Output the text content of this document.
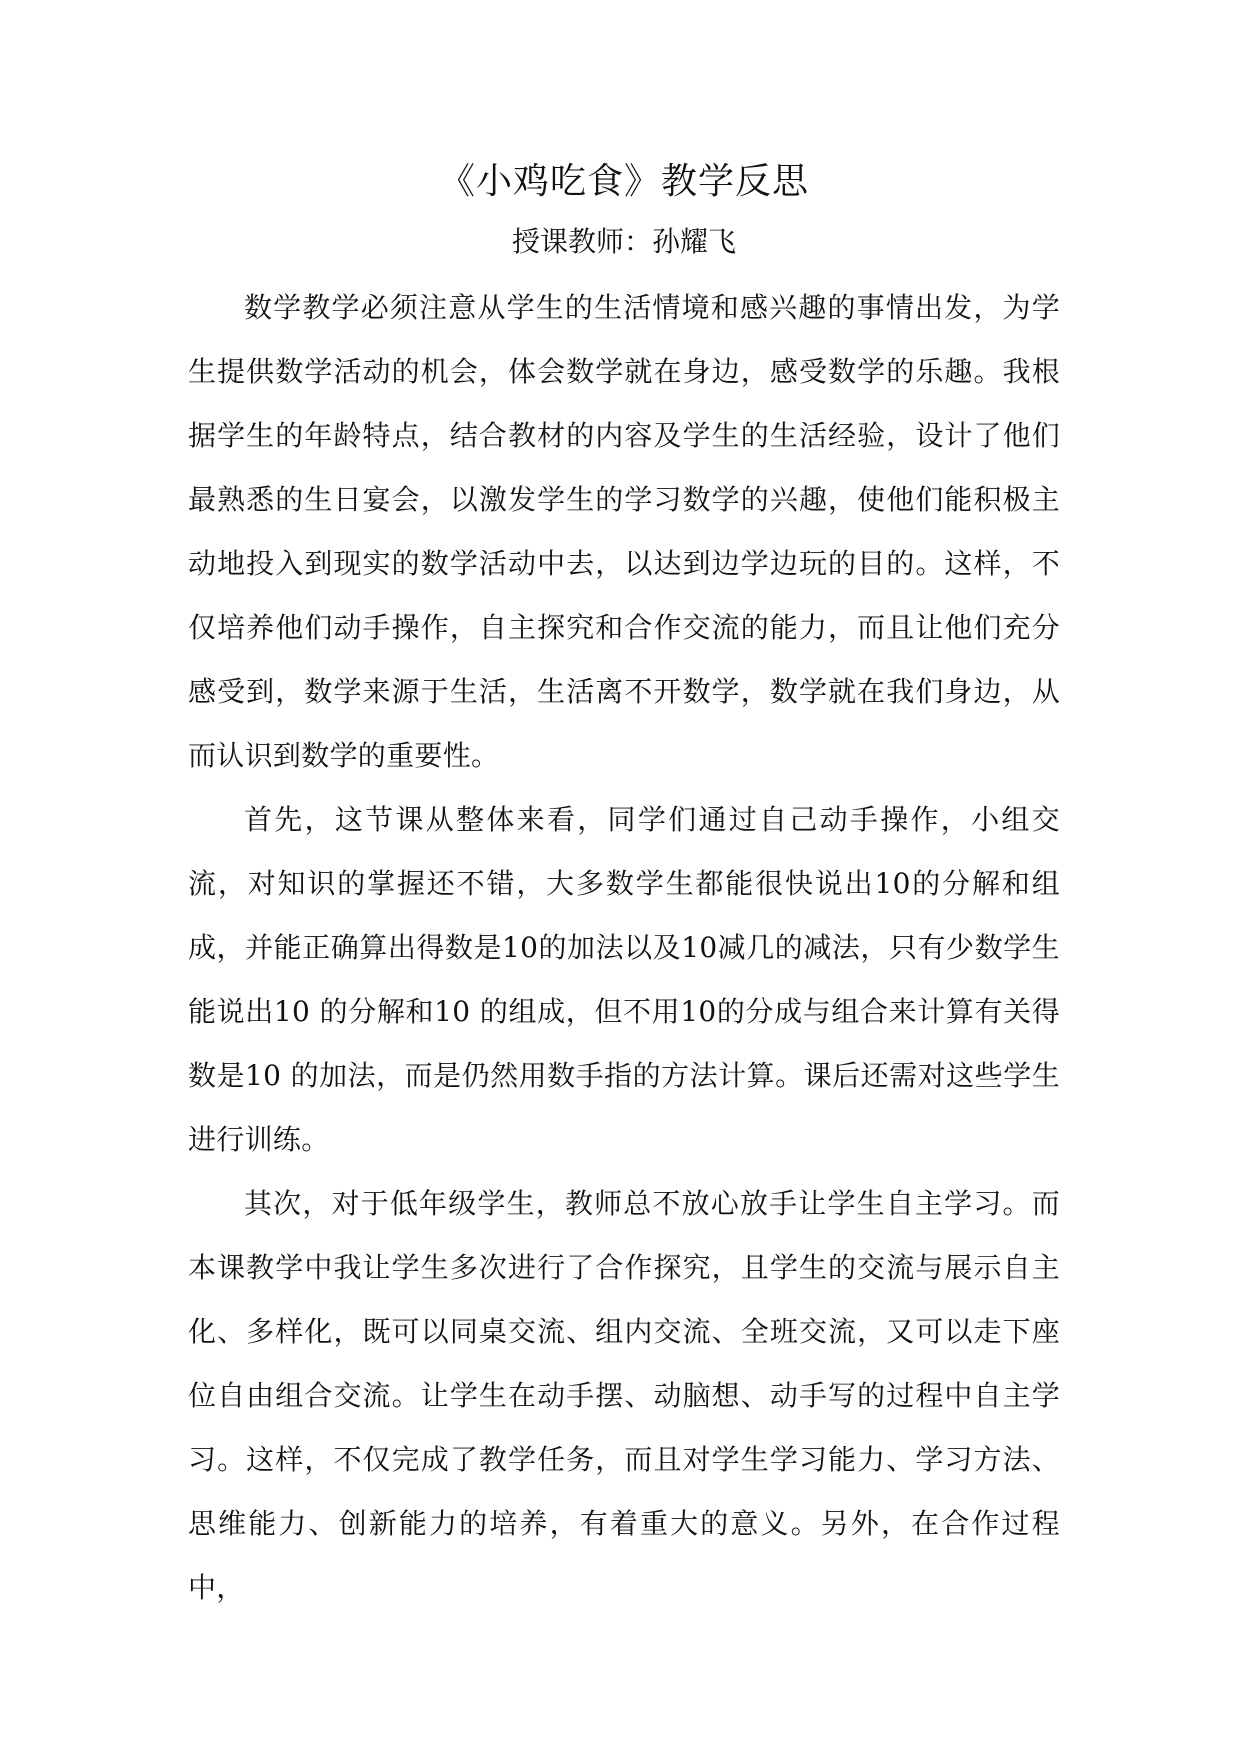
《小鸡吃食》教学反思
授课教师：孙耀飞

数学教学必须注意从学生的生活情境和感兴趣的事情出发，为学生提供数学活动的机会，体会数学就在身边，感受数学的乐趣。我根据学生的年龄特点，结合教材的内容及学生的生活经验，设计了他们最熟悉的生日宴会，以激发学生的学习数学的兴趣，使他们能积极主动地投入到现实的数学活动中去，以达到边学边玩的目的。这样，不仅培养他们动手操作，自主探究和合作交流的能力，而且让他们充分感受到，数学来源于生活，生活离不开数学，数学就在我们身边，从而认识到数学的重要性。

首先，这节课从整体来看，同学们通过自己动手操作，小组交流，对知识的掌握还不错，大多数学生都能很快说出10的分解和组成，并能正确算出得数是10的加法以及10减几的减法，只有少数学生能说出10 的分解和10 的组成，但不用10的分成与组合来计算有关得数是10 的加法，而是仍然用数手指的方法计算。课后还需对这些学生进行训练。

其次，对于低年级学生，教师总不放心放手让学生自主学习。而本课教学中我让学生多次进行了合作探究，且学生的交流与展示自主化、多样化，既可以同桌交流、组内交流、全班交流，又可以走下座位自由组合交流。让学生在动手摆、动脑想、动手写的过程中自主学习。这样，不仅完成了教学任务，而且对学生学习能力、学习方法、思维能力、创新能力的培养，有着重大的意义。另外，在合作过程中，
